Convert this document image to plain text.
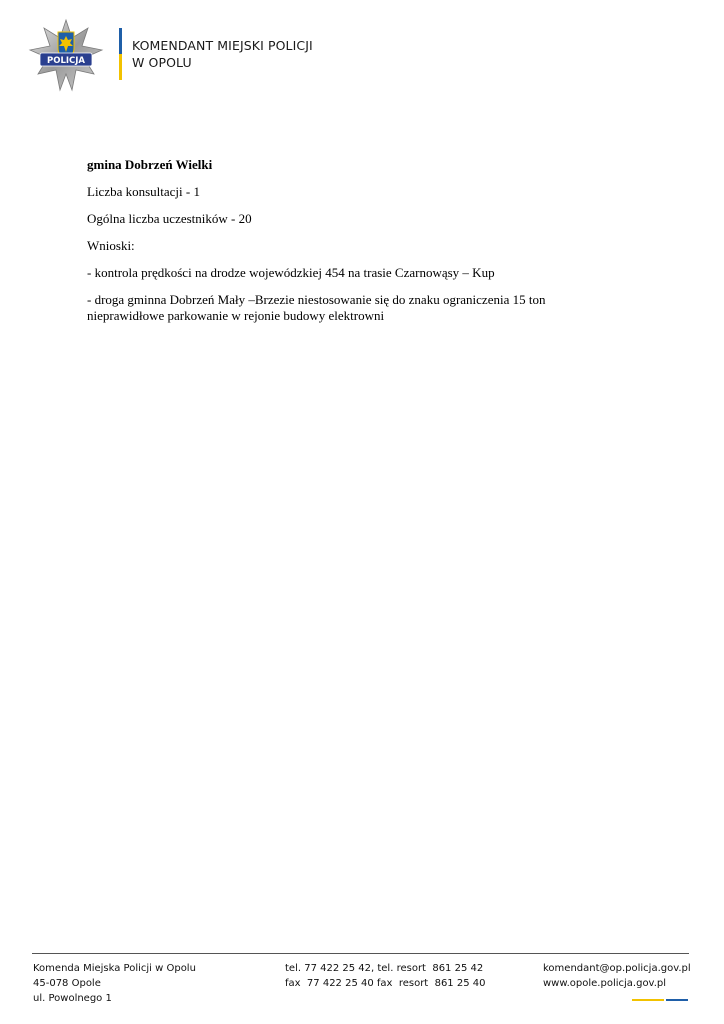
POLICJA
KOMENDANT MIEJSKI POLICJI
W OPOLU

gmina Dobrzeń Wielki

Liczba konsultacji - 1

Ogólna liczba uczestników - 20

Wnioski:

- kontrola prędkości na drodze wojewódzkiej 454 na trasie Czarnowąsy – Kup

- droga gminna Dobrzeń Mały –Brzezie niestosowanie się do znaku ograniczenia 15 ton
nieprawidłowe parkowanie w rejonie budowy elektrowni
Komenda Miejska Policji w Opolu
45-078 Opole
ul. Powolnego 1
tel. 77 422 25 42, tel. resort  861 25 42
fax  77 422 25 40 fax  resort  861 25 40
komendant@op.policja.gov.pl
www.opole.policja.gov.pl
